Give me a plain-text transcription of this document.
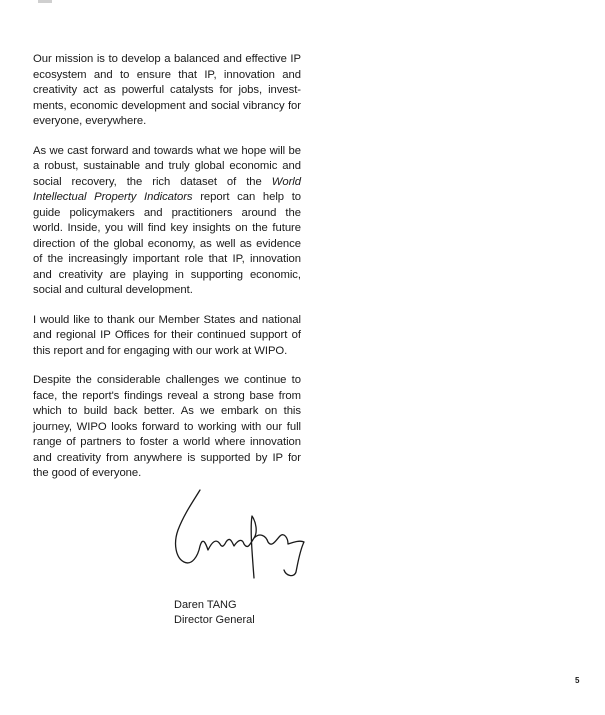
Our mission is to develop a balanced and effective IP ecosystem and to ensure that IP, innovation and creativity act as powerful catalysts for jobs, invest-ments, economic development and social vibrancy for everyone, everywhere.

As we cast forward and towards what we hope will be a robust, sustainable and truly global economic and social recovery, the rich dataset of the World Intellectual Property Indicators report can help to guide policymakers and practitioners around the world. Inside, you will find key insights on the future direction of the global economy, as well as evidence of the increasingly important role that IP, innovation and creativity are playing in supporting economic, social and cultural development.

I would like to thank our Member States and national and regional IP Offices for their continued support of this report and for engaging with our work at WIPO.

Despite the considerable challenges we continue to face, the report's findings reveal a strong base from which to build back better. As we embark on this journey, WIPO looks forward to working with our full range of partners to foster a world where innovation and creativity from anywhere is supported by IP for the good of everyone.

Daren TANG
Director General
5
